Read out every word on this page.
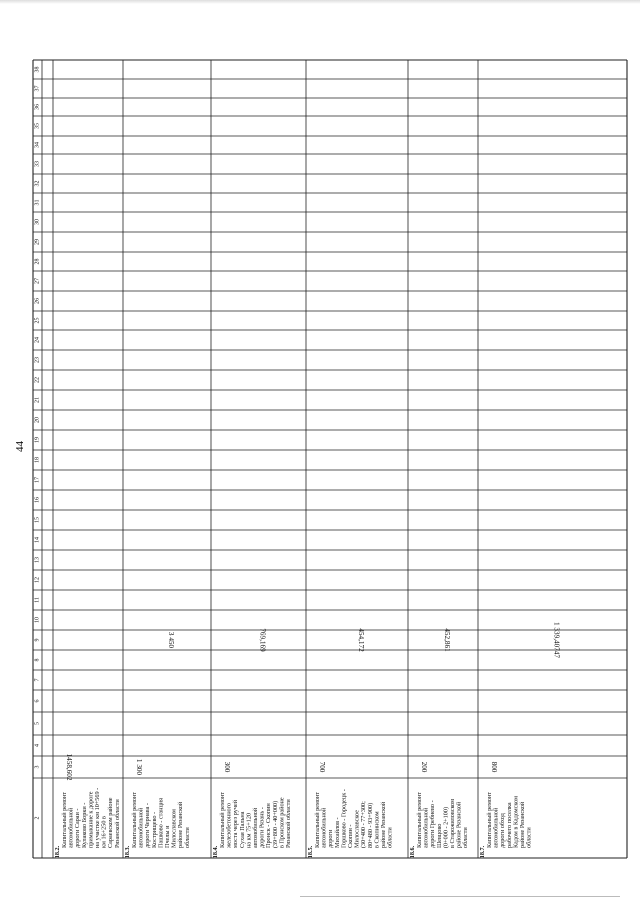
44
38
37
36
35
34
33
32
31
30
29
28
27
26
25
24
23
22
21
20
19
18
17
16
15
14
13
12
11
10
9
8
7
6
5
4
3
2
18.2.
Капитальный ремонт автомобильной дороги Сараи - Кулаково Борки - примыкание к дороге на участке км 10+569 - км 16+250 в Сараевском районе Рязанской области
1458,602
18.3.
Капитальный ремонт автомобильной дороги Чернава - Кострищево - Пашково - станция Пчелы и Милославском районе Рязанской области
1 300
3 450
18.4.
Капитальный ремонт железобетонного моста через ручей Сухая Пальна на км 75+120 автомобильной дороги Рязань - Пронск - Скопин (39+800 - 40+000) в Пронском районе Рязанской области
300
769,169
18.5.
Капитальный ремонт автомобильной дороги Михайлов - Горшково - Городецк - Скопин - Милославское (30+400 - 77+300; 80+480 - 93+900) в Скопинском районе Рязанской области
700
454,172
18.6.
Капитальный ремонт автомобильной дороги Гребнево - Шевцово (0+000 - 2+100) в Старожиловском районе Рязанской области
200
452,861
18.7.
Капитальный ремонт автомобильной дороги обход рабочего поселка Кадом в Кадомском районе Рязанской области
800
1 339,40747
